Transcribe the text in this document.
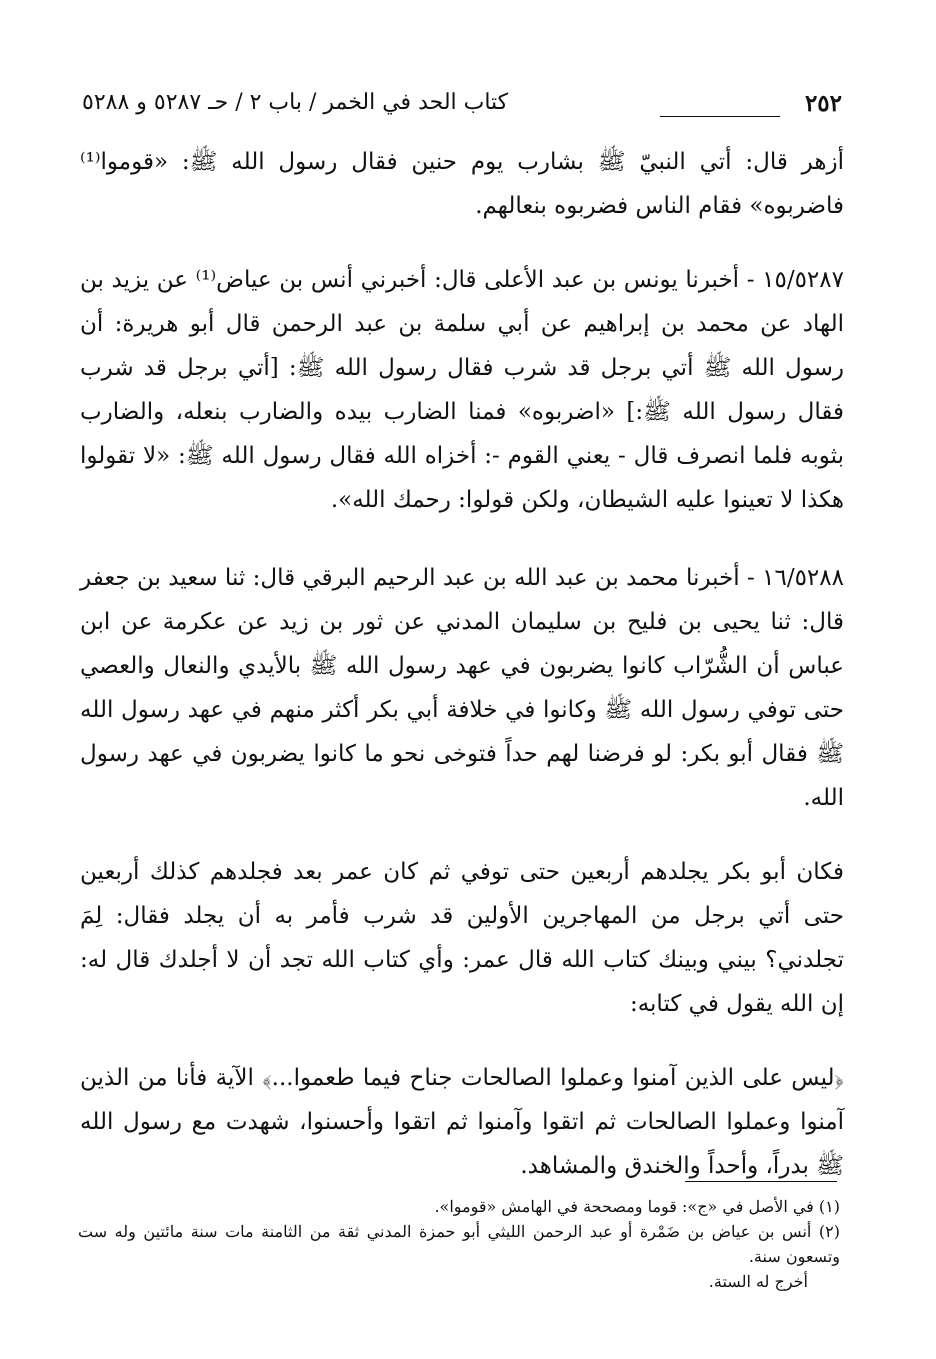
٢٥٢
كتاب الحد في الخمر / باب ٢ / حـ ٥٢٨٧ و ٥٢٨٨

أزهر قال: أتي النبيّ ﷺ بشارب يوم حنين فقال رسول الله ﷺ: «قوموا⁽¹⁾ فاضربوه» فقام الناس فضربوه بنعالهم.

١٥/٥٢٨٧ - أخبرنا يونس بن عبد الأعلى قال: أخبرني أنس بن عياض⁽¹⁾ عن يزيد بن الهاد عن محمد بن إبراهيم عن أبي سلمة بن عبد الرحمن قال أبو هريرة: أن رسول الله ﷺ أتي برجل قد شرب فقال رسول الله ﷺ: [أتي برجل قد شرب فقال رسول الله ﷺ:] «اضربوه» فمنا الضارب بيده والضارب بنعله، والضارب بثوبه فلما انصرف قال - يعني القوم -: أخزاه الله فقال رسول الله ﷺ: «لا تقولوا هكذا لا تعينوا عليه الشيطان، ولكن قولوا: رحمك الله».

١٦/٥٢٨٨ - أخبرنا محمد بن عبد الله بن عبد الرحيم البرقي قال: ثنا سعيد بن جعفر قال: ثنا يحيى بن فليح بن سليمان المدني عن ثور بن زيد عن عكرمة عن ابن عباس أن الشُّرّاب كانوا يضربون في عهد رسول الله ﷺ بالأيدي والنعال والعصي حتى توفي رسول الله ﷺ وكانوا في خلافة أبي بكر أكثر منهم في عهد رسول الله ﷺ فقال أبو بكر: لو فرضنا لهم حداً فتوخى نحو ما كانوا يضربون في عهد رسول الله.

فكان أبو بكر يجلدهم أربعين حتى توفي ثم كان عمر بعد فجلدهم كذلك أربعين حتى أتي برجل من المهاجرين الأولين قد شرب فأمر به أن يجلد فقال: لِمَ تجلدني؟ بيني وبينك كتاب الله قال عمر: وأي كتاب الله تجد أن لا أجلدك قال له: إن الله يقول في كتابه:

﴿ليس على الذين آمنوا وعملوا الصالحات جناح فيما طعموا...﴾ الآية فأنا من الذين آمنوا وعملوا الصالحات ثم اتقوا وآمنوا ثم اتقوا وأحسنوا، شهدت مع رسول الله ﷺ بدراً، وأحداً والخندق والمشاهد.

(١) في الأصل في «ج»: قوما ومصححة في الهامش «قوموا».
(٢) أنس بن عياض بن ضَمْرة أو عبد الرحمن الليثي أبو حمزة المدني ثقة من الثامنة مات سنة مائتين وله ست وتسعون سنة.
أخرج له الستة.
